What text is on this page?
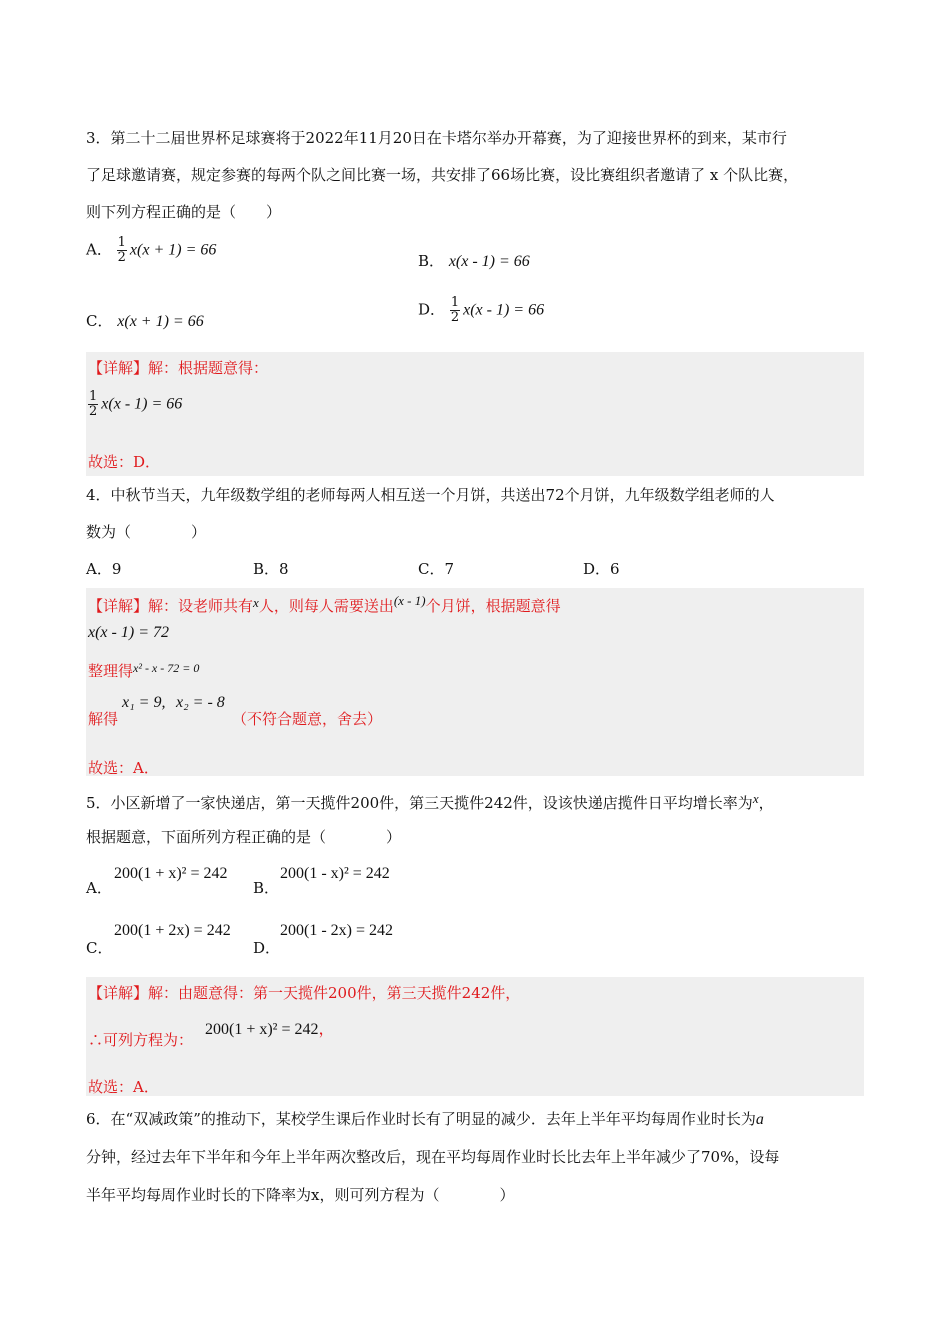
3．第二十二届世界杯足球赛将于2022年11月20日在卡塔尔举办开幕赛，为了迎接世界杯的到来，某市行
了足球邀请赛，规定参赛的每两个队之间比赛一场，共安排了66场比赛，设比赛组织者邀请了 x 个队比赛，
则下列方程正确的是（　　）
A． $\frac{1}{2} x(x + 1) = 66$
B． x(x - 1) = 66
C． x(x + 1) = 66
D． $\frac{1}{2} x(x - 1) = 66$
【详解】解：根据题意得：
$\frac{1}{2} x(x - 1) = 66$
故选：D．
4．中秋节当天，九年级数学组的老师每两人相互送一个月饼，共送出72个月饼，九年级数学组老师的人
数为（　　　　）
A．9	B．8	C．7	D．6
【详解】解：设老师共有x人，则每人需要送出(x - 1)个月饼，根据题意得
x(x - 1) = 72
整理得$^{x^2 - x - 72 = 0}$
解得
x₁ = 9, x₂ = - 8
（不符合题意，舍去）
故选：A．
5．小区新增了一家快递店，第一天揽件200件，第三天揽件242件，设该快递店揽件日平均增长率为x，
根据题意，下面所列方程正确的是（　　　　）
A．
200(1 + x)² = 242
B．
200(1 - x)² = 242
C．
200(1 + 2x) = 242
D．
200(1 - 2x) = 242
【详解】解：由题意得：第一天揽件200件，第三天揽件242件，
∴可列方程为：
200(1 + x)² = 242，
故选：A．
6．在“双减政策”的推动下，某校学生课后作业时长有了明显的减少．去年上半年平均每周作业时长为a
分钟，经过去年下半年和今年上半年两次整改后，现在平均每周作业时长比去年上半年减少了70%，设每
半年平均每周作业时长的下降率为x，则可列方程为（　　　　）
